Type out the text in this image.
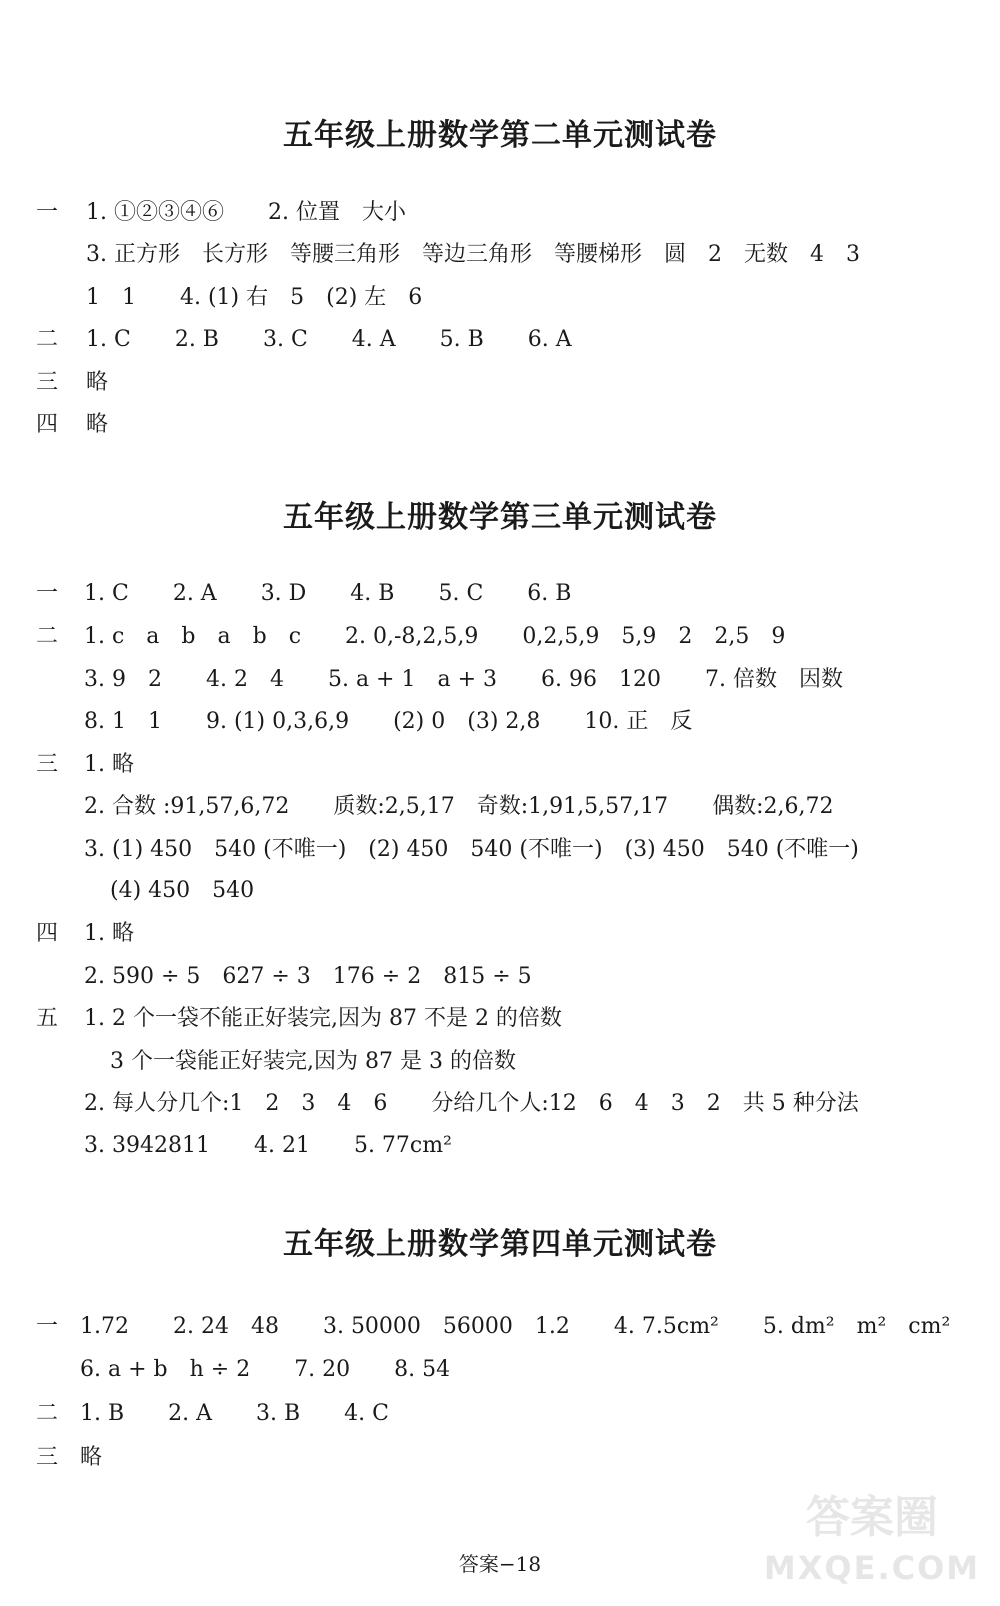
五年级上册数学第二单元测试卷
一 1. ①②③④⑥　　2. 位置　大小
3. 正方形　长方形　等腰三角形　等边三角形　等腰梯形　圆　2　无数　4　3
1　1　　4. (1) 右　5　(2) 左　6
二 1. C　　2. B　　3. C　　4. A　　5. B　　6. A
三 略
四 略
五年级上册数学第三单元测试卷
一 1. C　　2. A　　3. D　　4. B　　5. C　　6. B
二 1. c　a　b　a　b　c　　2. 0,-8,2,5,9　　0,2,5,9　5,9　2　2,5　9
3. 9　2　　4. 2　4　　5. a + 1　a + 3　　6. 96　120　　7. 倍数　因数
8. 1　1　　9. (1) 0,3,6,9　　(2) 0　(3) 2,8　　10. 正　反
三 1. 略
2. 合数 :91,57,6,72　　质数:2,5,17　奇数:1,91,5,57,17　　偶数:2,6,72
3. (1) 450　540 (不唯一)　(2) 450　540 (不唯一)　(3) 450　540 (不唯一)
(4) 450　540
四 1. 略
2. 590 ÷ 5　627 ÷ 3　176 ÷ 2　815 ÷ 5
五 1. 2 个一袋不能正好装完,因为 87 不是 2 的倍数
3 个一袋能正好装完,因为 87 是 3 的倍数
2. 每人分几个:1　2　3　4　6　　分给几个人:12　6　4　3　2　共 5 种分法
3. 3942811　　4. 21　　5. 77cm²
五年级上册数学第四单元测试卷
一 1.72　　2. 24　48　　3. 50000　56000　1.2　　4. 7.5cm²　　5. dm²　m²　cm²
6. a + b　h ÷ 2　　7. 20　　8. 54
二 1. B　　2. A　　3. B　　4. C
三 略
答案−18
答案圈
MXQE.COM
